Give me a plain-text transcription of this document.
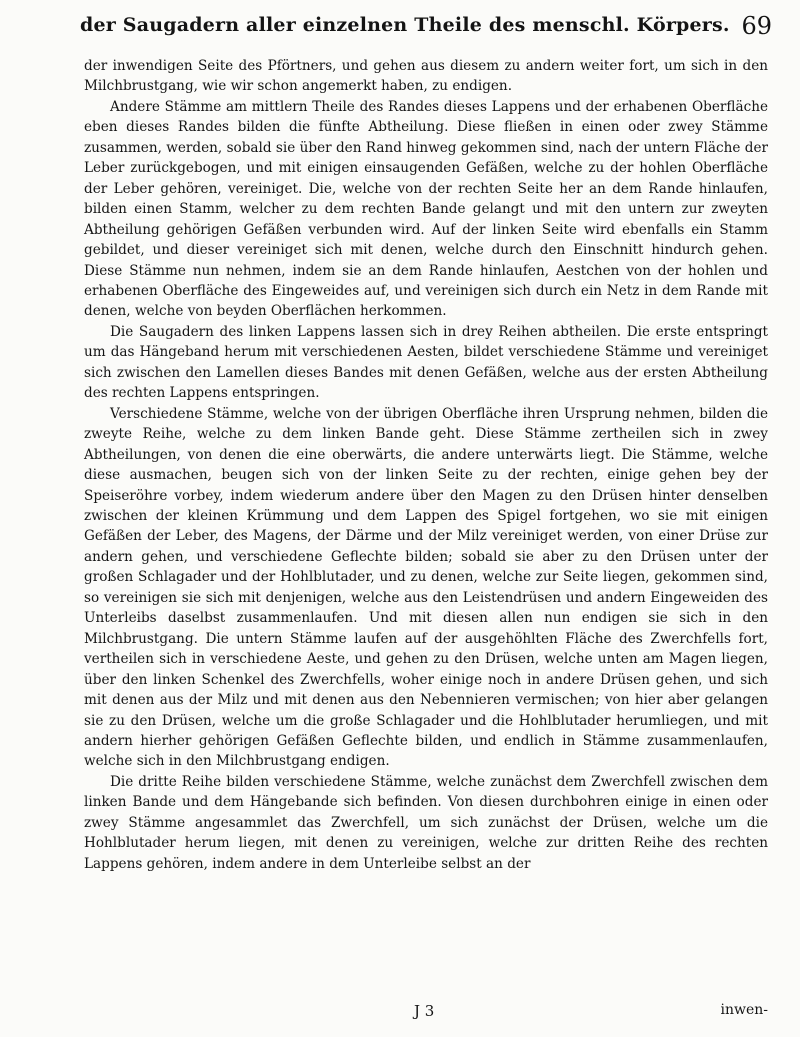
der Saugadern aller einzelnen Theile des menschl. Körpers. 69

der inwendigen Seite des Pförtners, und gehen aus diesem zu andern weiter fort, um sich in den Milchbrustgang, wie wir schon angemerkt haben, zu endigen.

Andere Stämme am mittlern Theile des Randes dieses Lappens und der erhabenen Oberfläche eben dieses Randes bilden die fünfte Abtheilung. Diese fließen in einen oder zwey Stämme zusammen, werden, sobald sie über den Rand hinweg gekommen sind, nach der untern Fläche der Leber zurückgebogen, und mit einigen einsaugenden Gefäßen, welche zu der hohlen Oberfläche der Leber gehören, vereiniget. Die, welche von der rechten Seite her an dem Rande hinlaufen, bilden einen Stamm, welcher zu dem rechten Bande gelangt und mit den untern zur zweyten Abtheilung gehörigen Gefäßen verbunden wird. Auf der linken Seite wird ebenfalls ein Stamm gebildet, und dieser vereiniget sich mit denen, welche durch den Einschnitt hindurch gehen. Diese Stämme nun nehmen, indem sie an dem Rande hinlaufen, Aestchen von der hohlen und erhabenen Oberfläche des Eingeweides auf, und vereinigen sich durch ein Netz in dem Rande mit denen, welche von beyden Oberflächen herkommen.

Die Saugadern des linken Lappens lassen sich in drey Reihen abtheilen. Die erste entspringt um das Hängeband herum mit verschiedenen Aesten, bildet verschiedene Stämme und vereiniget sich zwischen den Lamellen dieses Bandes mit denen Gefäßen, welche aus der ersten Abtheilung des rechten Lappens entspringen.

Verschiedene Stämme, welche von der übrigen Oberfläche ihren Ursprung nehmen, bilden die zweyte Reihe, welche zu dem linken Bande geht. Diese Stämme zertheilen sich in zwey Abtheilungen, von denen die eine oberwärts, die andere unterwärts liegt. Die Stämme, welche diese ausmachen, beugen sich von der linken Seite zu der rechten, einige gehen bey der Speiseröhre vorbey, indem wiederum andere über den Magen zu den Drüsen hinter denselben zwischen der kleinen Krümmung und dem Lappen des Spigel fortgehen, wo sie mit einigen Gefäßen der Leber, des Magens, der Därme und der Milz vereiniget werden, von einer Drüse zur andern gehen, und verschiedene Geflechte bilden; sobald sie aber zu den Drüsen unter der großen Schlagader und der Hohlblutader, und zu denen, welche zur Seite liegen, gekommen sind, so vereinigen sie sich mit denjenigen, welche aus den Leistendrüsen und andern Eingeweiden des Unterleibs daselbst zusammenlaufen. Und mit diesen allen nun endigen sie sich in den Milchbrustgang. Die untern Stämme laufen auf der ausgehöhlten Fläche des Zwerchfells fort, vertheilen sich in verschiedene Aeste, und gehen zu den Drüsen, welche unten am Magen liegen, über den linken Schenkel des Zwerchfells, woher einige noch in andere Drüsen gehen, und sich mit denen aus der Milz und mit denen aus den Nebennieren vermischen; von hier aber gelangen sie zu den Drüsen, welche um die große Schlagader und die Hohlblutader herumliegen, und mit andern hierher gehörigen Gefäßen Geflechte bilden, und endlich in Stämme zusammenlaufen, welche sich in den Milchbrustgang endigen.

Die dritte Reihe bilden verschiedene Stämme, welche zunächst dem Zwerchfell zwischen dem linken Bande und dem Hängebande sich befinden. Von diesen durchbohren einige in einen oder zwey Stämme angesammlet das Zwerchfell, um sich zunächst der Drüsen, welche um die Hohlblutader herum liegen, mit denen zu vereinigen, welche zur dritten Reihe des rechten Lappens gehören, indem andere in dem Unterleibe selbst an der

J 3	inwen-
